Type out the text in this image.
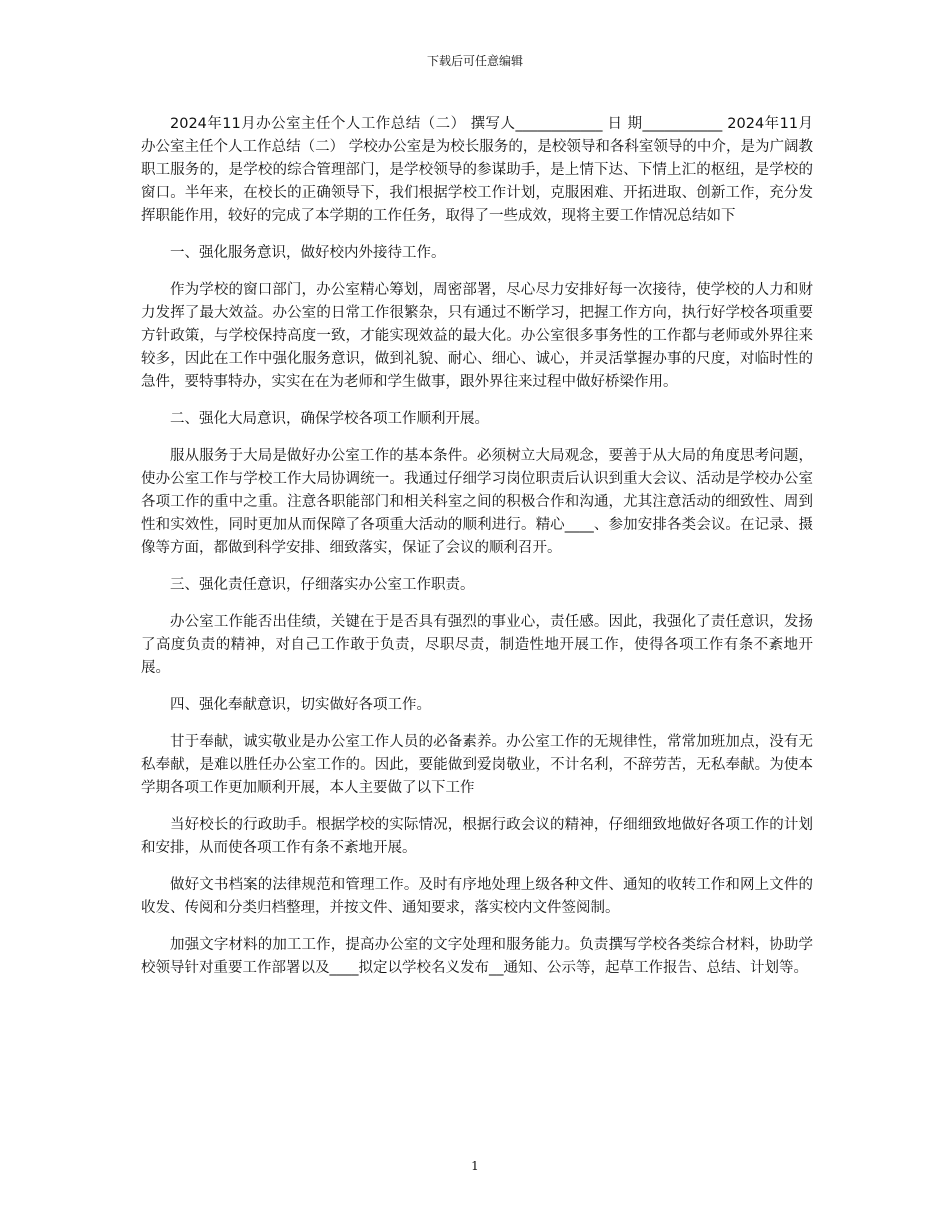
下载后可任意编辑

2024年11月办公室主任个人工作总结（二） 撰写人____________ 日 期___________ 2024年11月办公室主任个人工作总结（二） 学校办公室是为校长服务的，是校领导和各科室领导的中介，是为广阔教职工服务的，是学校的综合管理部门，是学校领导的参谋助手，是上情下达、下情上汇的枢纽，是学校的窗口。半年来，在校长的正确领导下，我们根据学校工作计划，克服困难、开拓进取、创新工作，充分发挥职能作用，较好的完成了本学期的工作任务，取得了一些成效，现将主要工作情况总结如下

一、强化服务意识，做好校内外接待工作。

作为学校的窗口部门，办公室精心筹划，周密部署，尽心尽力安排好每一次接待，使学校的人力和财力发挥了最大效益。办公室的日常工作很繁杂，只有通过不断学习，把握工作方向，执行好学校各项重要方针政策，与学校保持高度一致，才能实现效益的最大化。办公室很多事务性的工作都与老师或外界往来较多，因此在工作中强化服务意识，做到礼貌、耐心、细心、诚心，并灵活掌握办事的尺度，对临时性的急件，要特事特办，实实在在为老师和学生做事，跟外界往来过程中做好桥梁作用。

二、强化大局意识，确保学校各项工作顺利开展。

服从服务于大局是做好办公室工作的基本条件。必须树立大局观念，要善于从大局的角度思考问题，使办公室工作与学校工作大局协调统一。我通过仔细学习岗位职责后认识到重大会议、活动是学校办公室各项工作的重中之重。注意各职能部门和相关科室之间的积极合作和沟通，尤其注意活动的细致性、周到性和实效性，同时更加从而保障了各项重大活动的顺利进行。精心____、参加安排各类会议。在记录、摄像等方面，都做到科学安排、细致落实，保证了会议的顺利召开。

三、强化责任意识，仔细落实办公室工作职责。

办公室工作能否出佳绩，关键在于是否具有强烈的事业心，责任感。因此，我强化了责任意识，发扬了高度负责的精神，对自己工作敢于负责，尽职尽责，制造性地开展工作，使得各项工作有条不紊地开展。

四、强化奉献意识，切实做好各项工作。

甘于奉献，诚实敬业是办公室工作人员的必备素养。办公室工作的无规律性，常常加班加点，没有无私奉献，是难以胜任办公室工作的。因此，要能做到爱岗敬业，不计名利，不辞劳苦，无私奉献。为使本学期各项工作更加顺利开展，本人主要做了以下工作

当好校长的行政助手。根据学校的实际情况，根据行政会议的精神，仔细细致地做好各项工作的计划和安排，从而使各项工作有条不紊地开展。

做好文书档案的法律规范和管理工作。及时有序地处理上级各种文件、通知的收转工作和网上文件的收发、传阅和分类归档整理，并按文件、通知要求，落实校内文件签阅制。

加强文字材料的加工工作，提高办公室的文字处理和服务能力。负责撰写学校各类综合材料，协助学校领导针对重要工作部署以及____拟定以学校名义发布__通知、公示等，起草工作报告、总结、计划等。

1
